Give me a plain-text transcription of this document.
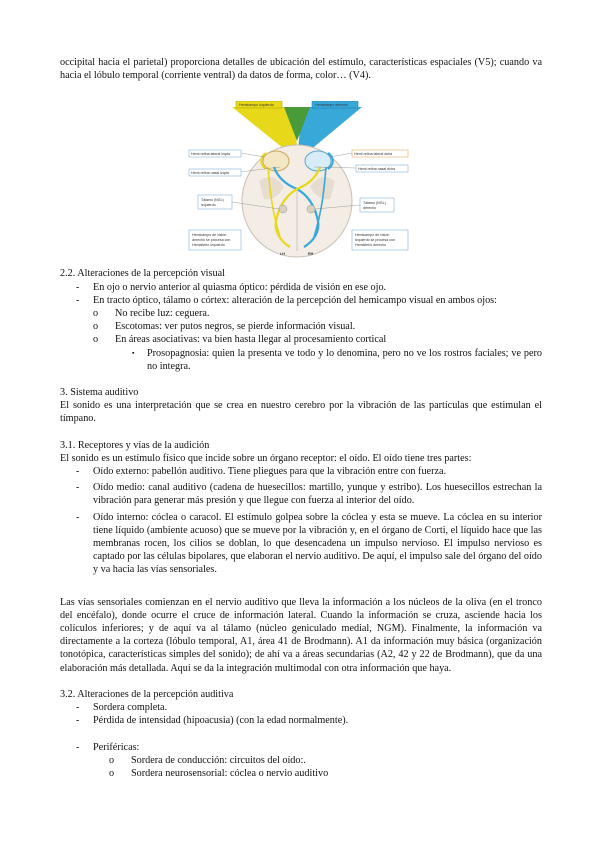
occipital hacia el parietal) proporciona detalles de ubicación del estímulo, características espaciales (V5); cuando va hacia el lóbulo temporal (corriente ventral) da datos de forma, color… (V4).

Hemicampo izquierdo	Hemicampo derecho
Hemi-retina lateral izqda
Hemi-retina nasal izqda
Tálamo (NGL)
izquierdo
Hemicampo de visión
derecho se procesa con
Hemisferio izquierdo
Hemi-retina lateral dcha
Hemi-retina nasal dcha
Tálamo (NGL)
derecho
Hemicampo de visión
izquierdo se procesa con
Hemisferio derecho
LH	RH

2.2. Alteraciones de la percepción visual

- En ojo o nervio anterior al quiasma óptico: pérdida de visión en ese ojo.
- En tracto óptico, tálamo o córtex: alteración de la percepción del hemicampo visual en ambos ojos:
o No recibe luz: ceguera.
o Escotomas: ver putos negros, se pierde información visual.
o En áreas asociativas: va bien hasta llegar al procesamiento cortical
▪ Prosopagnosia: quien la presenta ve todo y lo denomina, pero no ve los rostros faciales; ve pero no integra.

3. Sistema auditivo

El sonido es una interpretación que se crea en nuestro cerebro por la vibración de las partículas que estimulan el tímpano.

3.1. Receptores y vías de la audición

El sonido es un estímulo físico que incide sobre un órgano receptor: el oído. El oído tiene tres partes:

- Oído externo: pabellón auditivo. Tiene pliegues para que la vibración entre con fuerza.
- Oído medio: canal auditivo (cadena de huesecillos: martillo, yunque y estribo). Los huesecillos estrechan la vibración para generar más presión y que llegue con fuerza al interior del oído.
- Oído interno: cóclea o caracol. El estímulo golpea sobre la cóclea y esta se mueve. La cóclea en su interior tiene líquido (ambiente acuoso) que se mueve por la vibración y, en el órgano de Corti, el líquido hace que las membranas rocen, los cilios se doblan, lo que desencadena un impulso nervioso. El impulso nervioso es captado por las células bipolares, que elaboran el nervio auditivo. De aquí, el impulso sale del órgano del oído y va hacia las vías sensoriales.

Las vías sensoriales comienzan en el nervio auditivo que lleva la información a los núcleos de la oliva (en el tronco del encéfalo), donde ocurre el cruce de información lateral. Cuando la información se cruza, asciende hacia los colículos inferiores; y de aquí va al tálamo (núcleo geniculado medial, NGM). Finalmente, la información va directamente a la corteza (lóbulo temporal, A1, área 41 de Brodmann). A1 da información muy básica (organización tonotópica, características simples del sonido); de ahí va a áreas secundarias (A2, 42 y 22 de Brodmann), que da una elaboración más detallada. Aquí se da la integración multimodal con otra información que haya.

3.2. Alteraciones de la percepción auditiva

- Sordera completa.
- Pérdida de intensidad (hipoacusia) (con la edad normalmente).
- Periféricas:
o Sordera de conducción: circuitos del oído:.
o Sordera neurosensorial: cóclea o nervio auditivo
